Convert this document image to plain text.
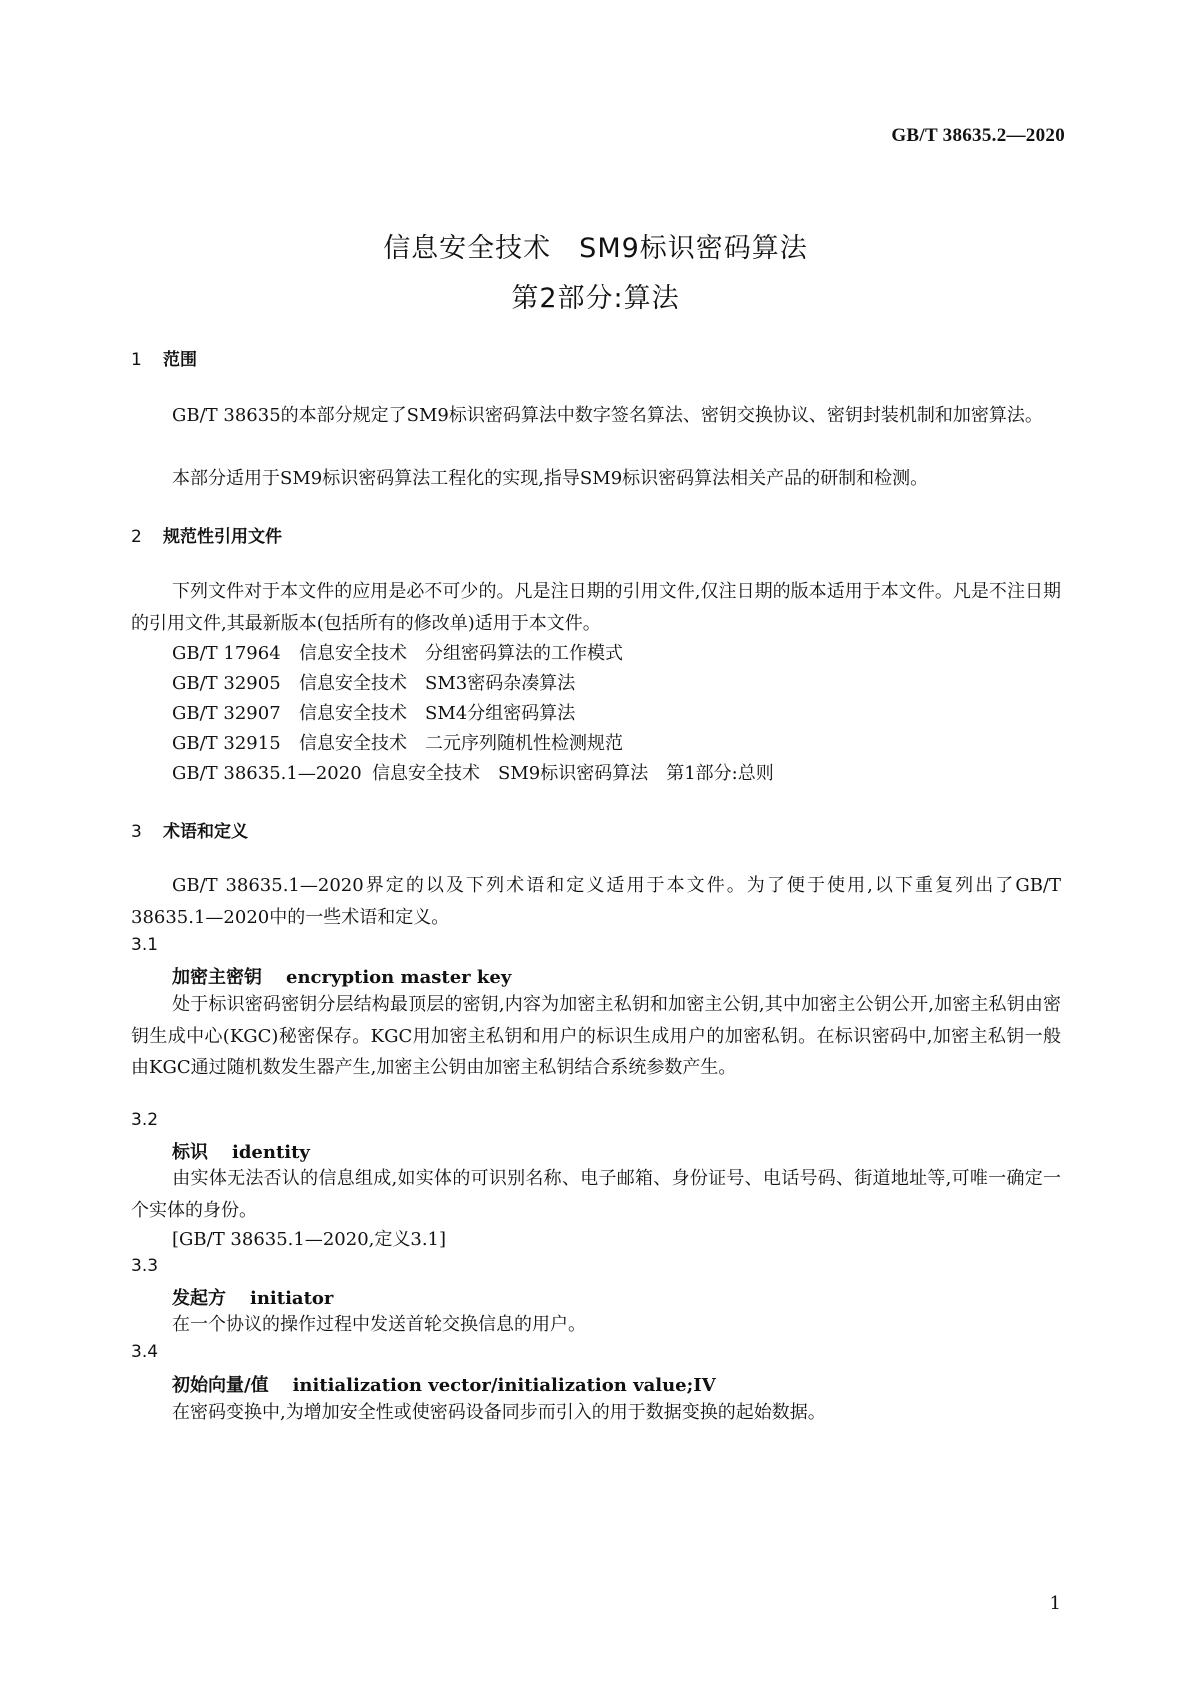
GB/T 38635.2—2020
信息安全技术　SM9标识密码算法
第2部分:算法
1 范围
GB/T 38635的本部分规定了SM9标识密码算法中数字签名算法、密钥交换协议、密钥封装机制和加密算法。
本部分适用于SM9标识密码算法工程化的实现,指导SM9标识密码算法相关产品的研制和检测。
2 规范性引用文件
下列文件对于本文件的应用是必不可少的。凡是注日期的引用文件,仅注日期的版本适用于本文件。凡是不注日期的引用文件,其最新版本(包括所有的修改单)适用于本文件。
GB/T 17964 信息安全技术　分组密码算法的工作模式
GB/T 32905 信息安全技术　SM3密码杂凑算法
GB/T 32907 信息安全技术　SM4分组密码算法
GB/T 32915 信息安全技术　二元序列随机性检测规范
GB/T 38635.1—2020 信息安全技术　SM9标识密码算法　第1部分:总则
3 术语和定义
GB/T 38635.1—2020界定的以及下列术语和定义适用于本文件。为了便于使用,以下重复列出了GB/T 38635.1—2020中的一些术语和定义。
3.1
加密主密钥 encryption master key
处于标识密码密钥分层结构最顶层的密钥,内容为加密主私钥和加密主公钥,其中加密主公钥公开,加密主私钥由密钥生成中心(KGC)秘密保存。KGC用加密主私钥和用户的标识生成用户的加密私钥。在标识密码中,加密主私钥一般由KGC通过随机数发生器产生,加密主公钥由加密主私钥结合系统参数产生。
3.2
标识 identity
由实体无法否认的信息组成,如实体的可识别名称、电子邮箱、身份证号、电话号码、街道地址等,可唯一确定一个实体的身份。
[GB/T 38635.1—2020,定义3.1]
3.3
发起方 initiator
在一个协议的操作过程中发送首轮交换信息的用户。
3.4
初始向量/值 initialization vector/initialization value;IV
在密码变换中,为增加安全性或使密码设备同步而引入的用于数据变换的起始数据。
1
